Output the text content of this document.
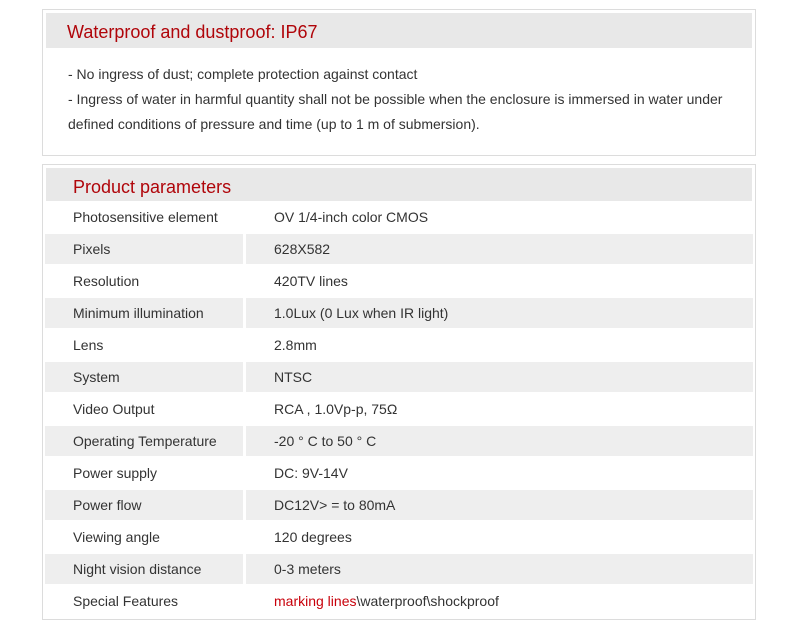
Waterproof and dustproof: IP67

- No ingress of dust; complete protection against contact

- Ingress of water in harmful quantity shall not be possible when the enclosure is immersed in water under

defined conditions of pressure and time (up to 1 m of submersion).

Product parameters
Photosensitive element	OV 1/4-inch color CMOS
Pixels	628X582
Resolution	420TV lines
Minimum illumination	1.0Lux (0 Lux when IR light)
Lens	2.8mm
System	NTSC
Video Output	RCA , 1.0Vp-p, 75Ω
Operating Temperature	-20 ° C to 50 ° C
Power supply	DC: 9V-14V
Power flow	DC12V> = to 80mA
Viewing angle	120 degrees
Night vision distance	0-3 meters
Special Features	marking lines\waterproof\shockproof
